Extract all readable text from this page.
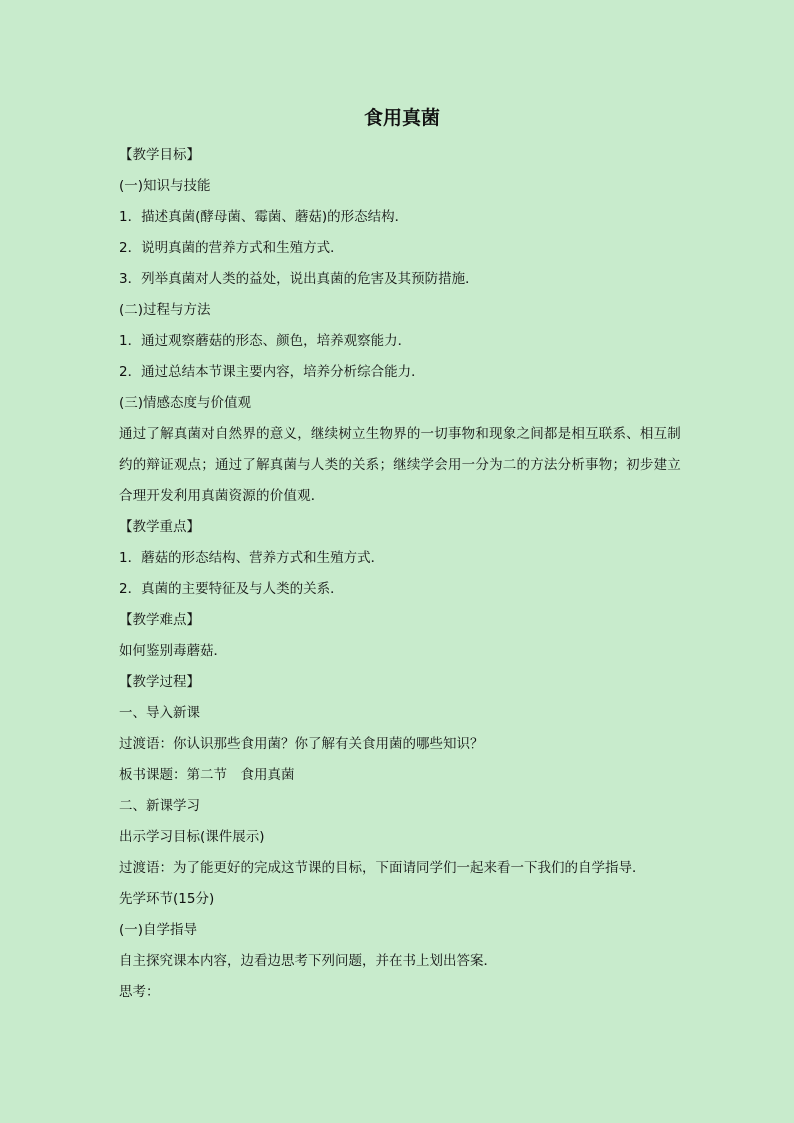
食用真菌
【教学目标】
(一)知识与技能
1．描述真菌(酵母菌、霉菌、蘑菇)的形态结构．
2．说明真菌的营养方式和生殖方式．
3．列举真菌对人类的益处，说出真菌的危害及其预防措施．
(二)过程与方法
1．通过观察蘑菇的形态、颜色，培养观察能力．
2．通过总结本节课主要内容，培养分析综合能力．
(三)情感态度与价值观
通过了解真菌对自然界的意义，继续树立生物界的一切事物和现象之间都是相互联系、相互制约的辩证观点；通过了解真菌与人类的关系；继续学会用一分为二的方法分析事物；初步建立合理开发利用真菌资源的价值观．
【教学重点】
1．蘑菇的形态结构、营养方式和生殖方式．
2．真菌的主要特征及与人类的关系．
【教学难点】
如何鉴别毒蘑菇．
【教学过程】
一、导入新课
过渡语：你认识那些食用菌？你了解有关食用菌的哪些知识？
板书课题：第二节　食用真菌
二、新课学习
出示学习目标(课件展示)
过渡语：为了能更好的完成这节课的目标，下面请同学们一起来看一下我们的自学指导．
先学环节(15分)
(一)自学指导
自主探究课本内容，边看边思考下列问题，并在书上划出答案．
思考：
